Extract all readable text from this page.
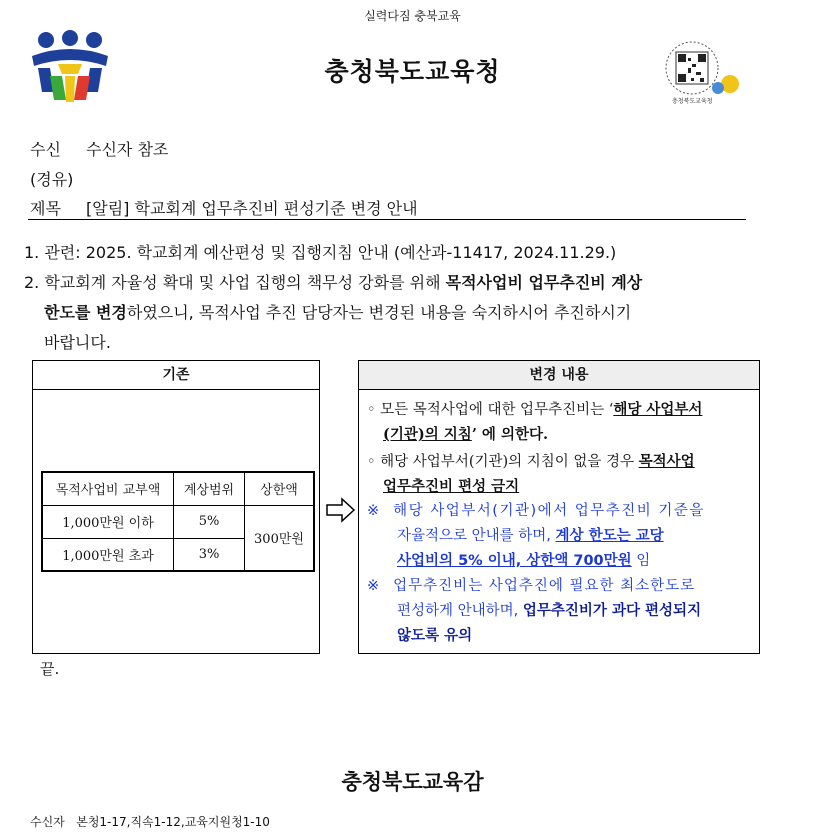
실력다짐 충북교육
충청북도교육청
충청북도교육청
수신 수신자 참조
(경유)
제목 [알림] 학교회계 업무추진비 편성기준 변경 안내
1. 관련: 2025. 학교회계 예산편성 및 집행지침 안내 (예산과-11417, 2024.11.29.)
2. 학교회계 자율성 확대 및 사업 집행의 책무성 강화를 위해 목적사업비 업무추진비 계상
한도를 변경하였으니, 목적사업 추진 담당자는 변경된 내용을 숙지하시어 추진하시기
바랍니다.
기존
목적사업비 교부액	계상범위	상한액
1,000만원 이하	5%	300만원
1,000만원 초과	3%	
변경 내용
◦ 모든 목적사업에 대한 업무추진비는 ‘해당 사업부서
(기관)의 지침’ 에 의한다.
◦ 해당 사업부서(기관)의 지침이 없을 경우 목적사업
업무추진비 편성 금지
※ 해당 사업부서(기관)에서 업무추진비 기준을
자율적으로 안내를 하며, 계상 한도는 교당
사업비의 5% 이내, 상한액 700만원 임
※ 업무추진비는 사업추진에 필요한 최소한도로
편성하게 안내하며, 업무추진비가 과다 편성되지
않도록 유의
끝.
충청북도교육감
수신자 본청1-17,직속1-12,교육지원청1-10
